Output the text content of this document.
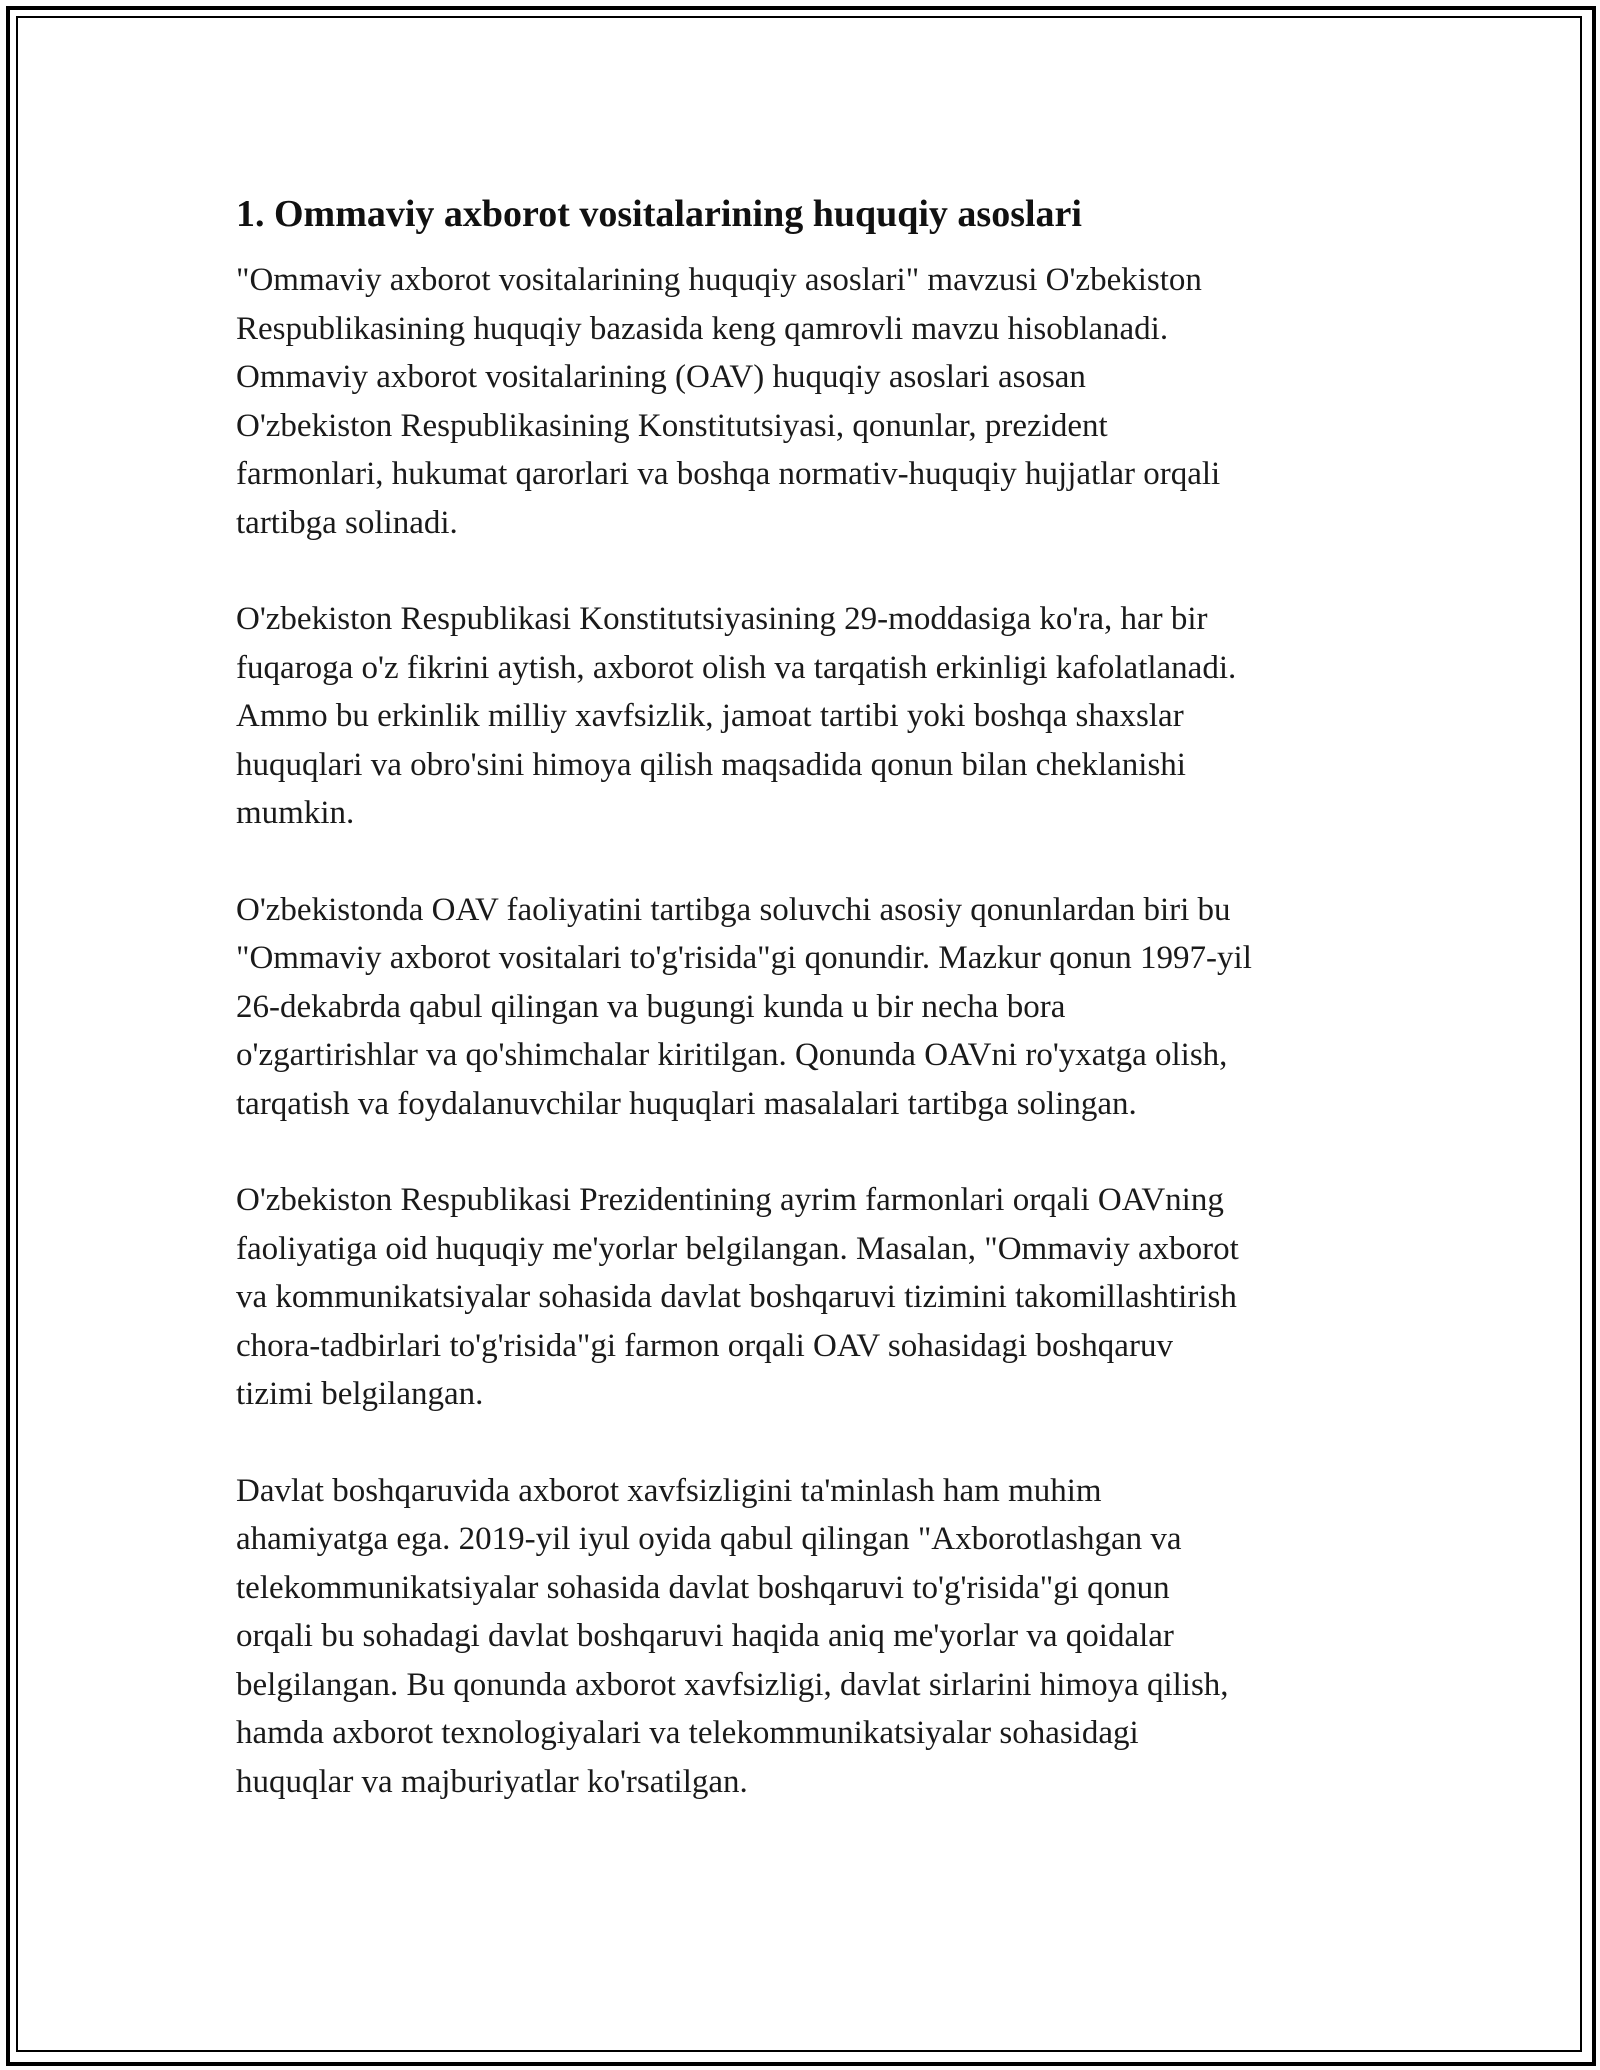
1. Ommaviy axborot vositalarining huquqiy asoslari

"Ommaviy axborot vositalarining huquqiy asoslari" mavzusi O'zbekiston
Respublikasining huquqiy bazasida keng qamrovli mavzu hisoblanadi.
Ommaviy axborot vositalarining (OAV) huquqiy asoslari asosan
O'zbekiston Respublikasining Konstitutsiyasi, qonunlar, prezident
farmonlari, hukumat qarorlari va boshqa normativ-huquqiy hujjatlar orqali
tartibga solinadi.

O'zbekiston Respublikasi Konstitutsiyasining 29-moddasiga ko'ra, har bir
fuqaroga o'z fikrini aytish, axborot olish va tarqatish erkinligi kafolatlanadi.
Ammo bu erkinlik milliy xavfsizlik, jamoat tartibi yoki boshqa shaxslar
huquqlari va obro'sini himoya qilish maqsadida qonun bilan cheklanishi
mumkin.

O'zbekistonda OAV faoliyatini tartibga soluvchi asosiy qonunlardan biri bu
"Ommaviy axborot vositalari to'g'risida"gi qonundir. Mazkur qonun 1997-yil
26-dekabrda qabul qilingan va bugungi kunda u bir necha bora
o'zgartirishlar va qo'shimchalar kiritilgan. Qonunda OAVni ro'yxatga olish,
tarqatish va foydalanuvchilar huquqlari masalalari tartibga solingan.

O'zbekiston Respublikasi Prezidentining ayrim farmonlari orqali OAVning
faoliyatiga oid huquqiy me'yorlar belgilangan. Masalan, "Ommaviy axborot
va kommunikatsiyalar sohasida davlat boshqaruvi tizimini takomillashtirish
chora-tadbirlari to'g'risida"gi farmon orqali OAV sohasidagi boshqaruv
tizimi belgilangan.

Davlat boshqaruvida axborot xavfsizligini ta'minlash ham muhim
ahamiyatga ega. 2019-yil iyul oyida qabul qilingan "Axborotlashgan va
telekommunikatsiyalar sohasida davlat boshqaruvi to'g'risida"gi qonun
orqali bu sohadagi davlat boshqaruvi haqida aniq me'yorlar va qoidalar
belgilangan. Bu qonunda axborot xavfsizligi, davlat sirlarini himoya qilish,
hamda axborot texnologiyalari va telekommunikatsiyalar sohasidagi
huquqlar va majburiyatlar ko'rsatilgan.
